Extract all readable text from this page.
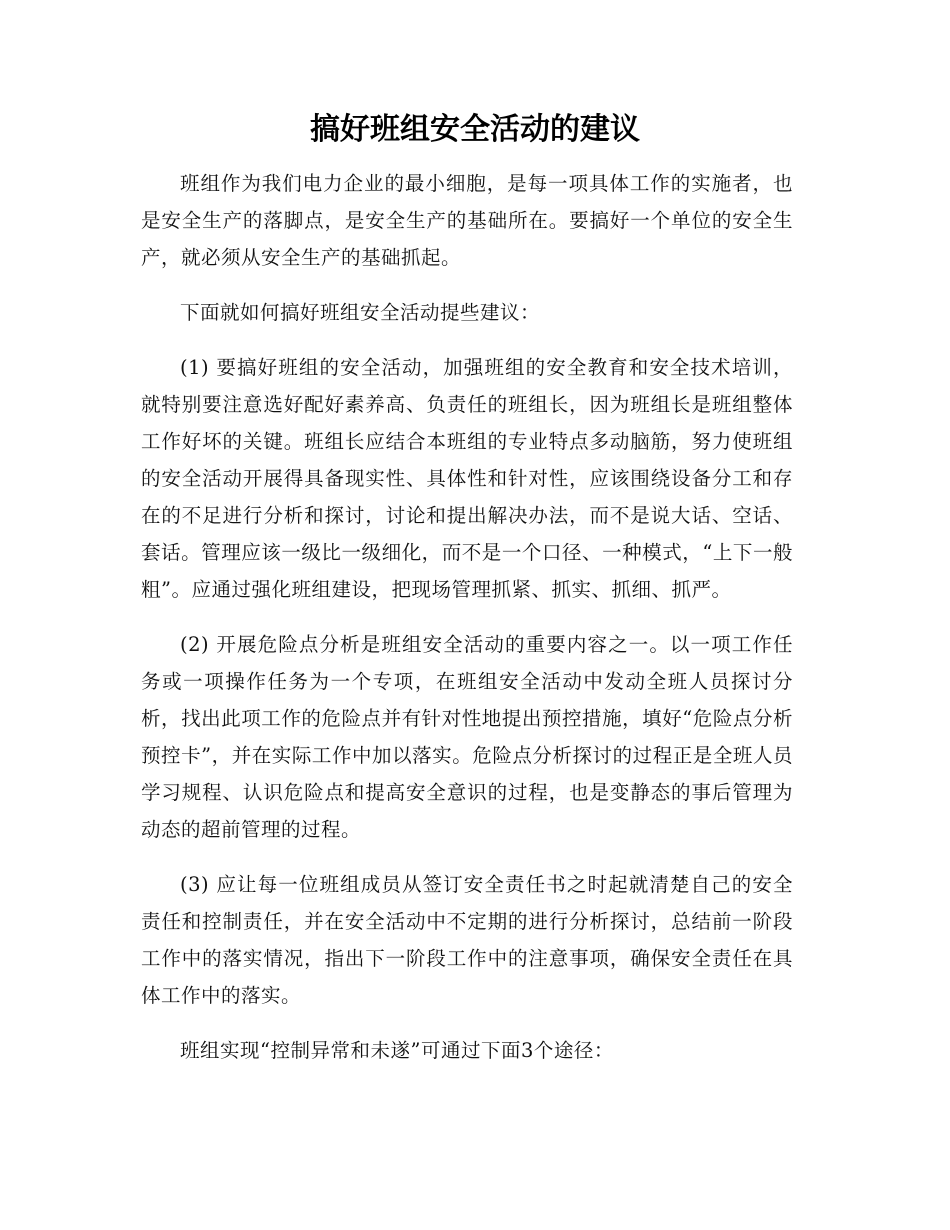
搞好班组安全活动的建议

班组作为我们电力企业的最小细胞，是每一项具体工作的实施者，也是安全生产的落脚点，是安全生产的基础所在。要搞好一个单位的安全生产，就必须从安全生产的基础抓起。

下面就如何搞好班组安全活动提些建议：

(1) 要搞好班组的安全活动，加强班组的安全教育和安全技术培训，就特别要注意选好配好素养高、负责任的班组长，因为班组长是班组整体工作好坏的关键。班组长应结合本班组的专业特点多动脑筋，努力使班组的安全活动开展得具备现实性、具体性和针对性，应该围绕设备分工和存在的不足进行分析和探讨，讨论和提出解决办法，而不是说大话、空话、套话。管理应该一级比一级细化，而不是一个口径、一种模式，“上下一般粗”。应通过强化班组建设，把现场管理抓紧、抓实、抓细、抓严。

(2) 开展危险点分析是班组安全活动的重要内容之一。以一项工作任务或一项操作任务为一个专项，在班组安全活动中发动全班人员探讨分析，找出此项工作的危险点并有针对性地提出预控措施，填好“危险点分析预控卡”，并在实际工作中加以落实。危险点分析探讨的过程正是全班人员学习规程、认识危险点和提高安全意识的过程，也是变静态的事后管理为动态的超前管理的过程。

(3) 应让每一位班组成员从签订安全责任书之时起就清楚自己的安全责任和控制责任，并在安全活动中不定期的进行分析探讨，总结前一阶段工作中的落实情况，指出下一阶段工作中的注意事项，确保安全责任在具体工作中的落实。

班组实现“控制异常和未遂”可通过下面3个途径：
